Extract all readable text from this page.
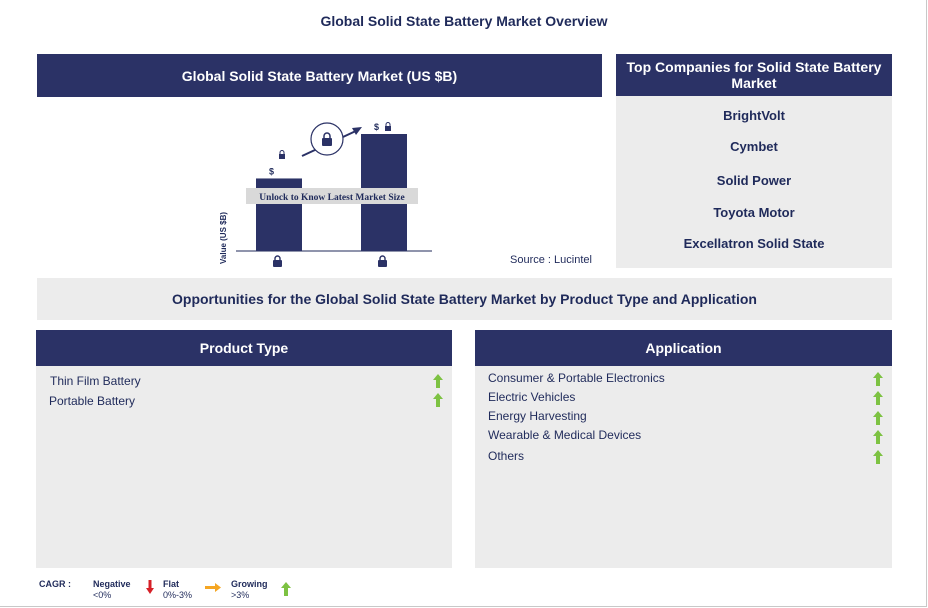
Global Solid State Battery Market Overview
Global Solid State Battery Market (US $B)
Value (US $B)
$
$
Unlock to Know Latest Market Size
Source : Lucintel
Top Companies for Solid State Battery Market
BrightVolt
Cymbet
Solid Power
Toyota Motor
Excellatron Solid State
Opportunities for the Global Solid State Battery Market by Product Type and Application
Product Type
Thin Film Battery
Portable Battery
Application
Consumer & Portable Electronics
Electric Vehicles
Energy Harvesting
Wearable & Medical Devices
Others
CAGR : Negative
<0%
Flat
0%-3%
Growing
>3%
